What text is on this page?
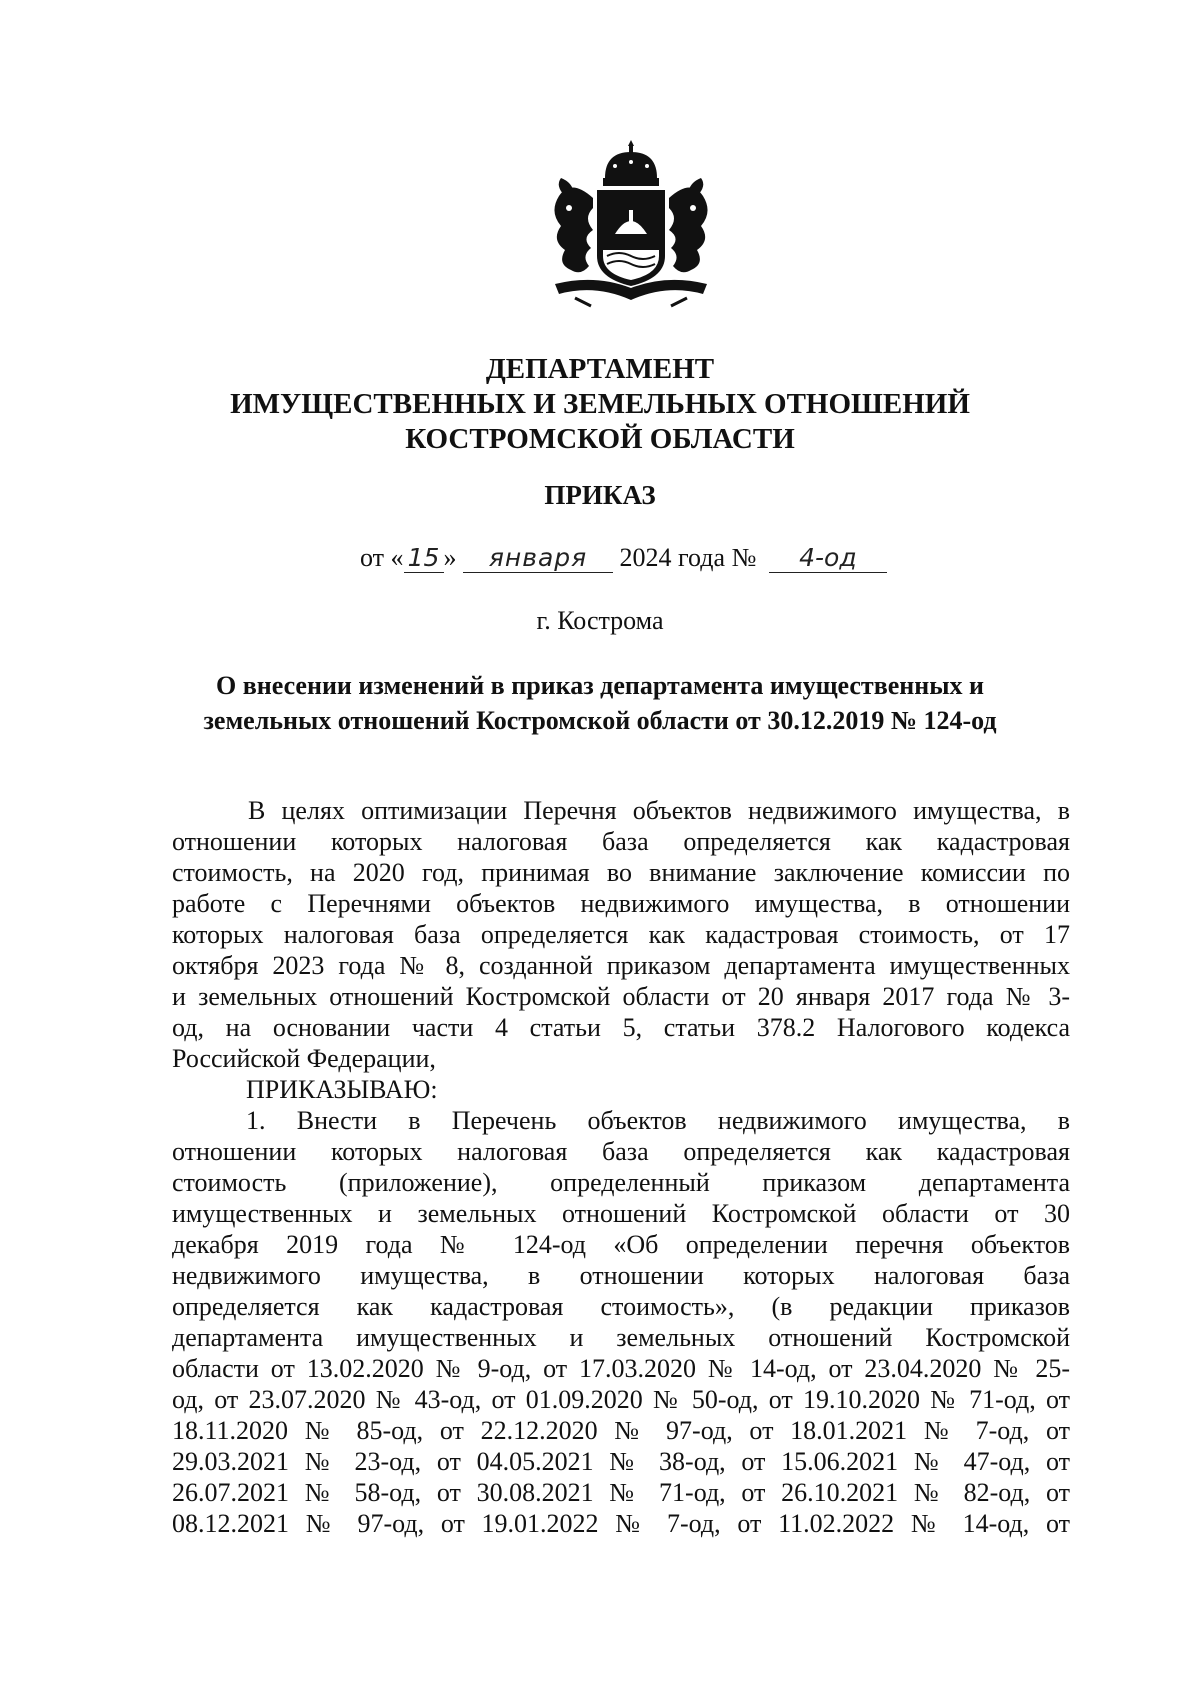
ДЕПАРТАМЕНТ
ИМУЩЕСТВЕННЫХ И ЗЕМЕЛЬНЫХ ОТНОШЕНИЙ
КОСТРОМСКОЙ ОБЛАСТИ
ПРИКАЗ
от « 15 » января 2024 года № 4-од
г. Кострома
О внесении изменений в приказ департамента имущественных и
земельных отношений Костромской области от 30.12.2019 № 124-од
В целях оптимизации Перечня объектов недвижимого имущества, в
отношении которых налоговая база определяется как кадастровая
стоимость, на 2020 год, принимая во внимание заключение комиссии по
работе с Перечнями объектов недвижимого имущества, в отношении
которых налоговая база определяется как кадастровая стоимость, от 17
октября 2023 года № 8, созданной приказом департамента имущественных
и земельных отношений Костромской области от 20 января 2017 года № 3-
од, на основании части 4 статьи 5, статьи 378.2 Налогового кодекса
Российской Федерации,
ПРИКАЗЫВАЮ:
1. Внести в Перечень объектов недвижимого имущества, в
отношении которых налоговая база определяется как кадастровая
стоимость (приложение), определенный приказом департамента
имущественных и земельных отношений Костромской области от 30
декабря 2019 года № 124-од «Об определении перечня объектов
недвижимого имущества, в отношении которых налоговая база
определяется как кадастровая стоимость», (в редакции приказов
департамента имущественных и земельных отношений Костромской
области от 13.02.2020 № 9-од, от 17.03.2020 № 14-од, от 23.04.2020 № 25-
од, от 23.07.2020 № 43-од, от 01.09.2020 № 50-од, от 19.10.2020 № 71-од, от
18.11.2020 № 85-од, от 22.12.2020 № 97-од, от 18.01.2021 № 7-од, от
29.03.2021 № 23-од, от 04.05.2021 № 38-од, от 15.06.2021 № 47-од, от
26.07.2021 № 58-од, от 30.08.2021 № 71-од, от 26.10.2021 № 82-од, от
08.12.2021 № 97-од, от 19.01.2022 № 7-од, от 11.02.2022 № 14-од, от
